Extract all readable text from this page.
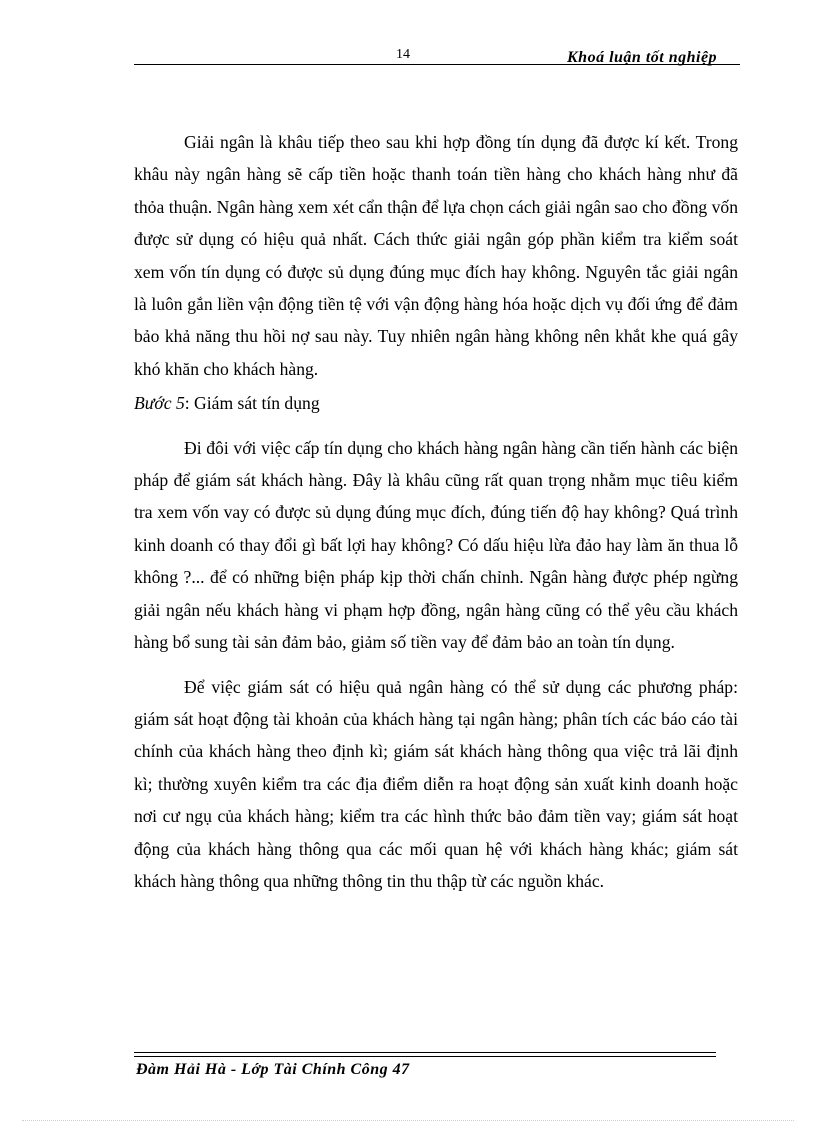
14	Khoá luận tốt nghiệp

Giải ngân là khâu tiếp theo sau khi hợp đồng tín dụng đã được kí kết. Trong khâu này ngân hàng sẽ cấp tiền hoặc thanh toán tiền hàng cho khách hàng như đã thỏa thuận. Ngân hàng xem xét cẩn thận để lựa chọn cách giải ngân sao cho đồng vốn được sử dụng có hiệu quả nhất. Cách thức giải ngân góp phần kiểm tra kiểm soát xem vốn tín dụng có được sủ dụng đúng mục đích hay không. Nguyên tắc giải ngân là luôn gắn liền vận động tiền tệ với vận động hàng hóa hoặc dịch vụ đối ứng để đảm bảo khả năng thu hồi nợ sau này. Tuy nhiên ngân hàng không nên khắt khe quá gây khó khăn cho khách hàng.

Bước 5: Giám sát tín dụng

Đi đôi với việc cấp tín dụng cho khách hàng ngân hàng cần tiến hành các biện pháp để giám sát khách hàng. Đây là khâu cũng rất quan trọng nhằm mục tiêu kiểm tra xem vốn vay có được sủ dụng đúng mục đích, đúng tiến độ hay không? Quá trình kinh doanh có thay đổi gì bất lợi hay không? Có dấu hiệu lừa đảo hay làm ăn thua lỗ không ?... để có những biện pháp kịp thời chấn chỉnh. Ngân hàng được phép ngừng giải ngân nếu khách hàng vi phạm hợp đồng, ngân hàng cũng có thể yêu cầu khách hàng bổ sung tài sản đảm bảo, giảm số tiền vay để đảm bảo an toàn tín dụng.

Để việc giám sát có hiệu quả ngân hàng có thể sử dụng các phương pháp: giám sát hoạt động tài khoản của khách hàng tại ngân hàng; phân tích các báo cáo tài chính của khách hàng theo định kì; giám sát khách hàng thông qua việc trả lãi định kì; thường xuyên kiểm tra các địa điểm diễn ra hoạt động sản xuất kinh doanh hoặc nơi cư ngụ của khách hàng; kiểm tra các hình thức bảo đảm tiền vay; giám sát hoạt động của khách hàng thông qua các mối quan hệ với khách hàng khác; giám sát khách hàng thông qua những thông tin thu thập từ các nguồn khác.

Đàm Hải Hà - Lớp Tài Chính Công 47
